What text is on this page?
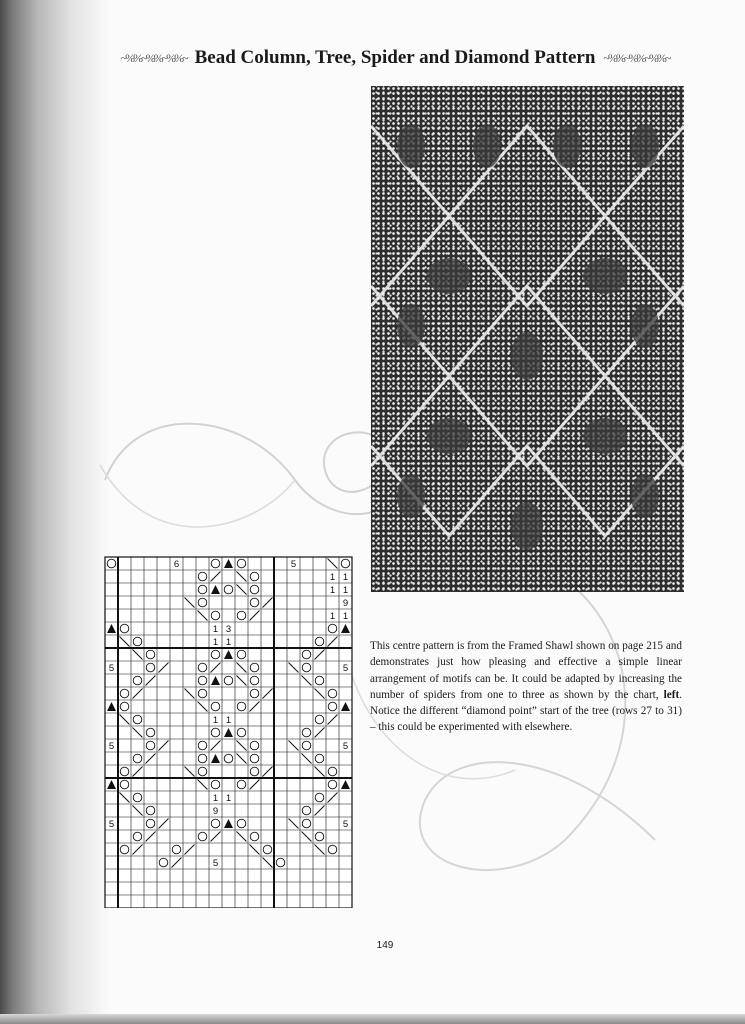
~%%~%%~%%~ Bead Column, Tree, Spider and Diamond Pattern ~%%~%%~%%~
6	5
1 1
1 1
9
1 1
1 3
1 1
5	5
1 1
5	5
1 1
9
5	5
5
This centre pattern is from the Framed Shawl shown on page 215 and demonstrates just how pleasing and effective a simple linear arrangement of motifs can be. It could be adapted by increasing the number of spiders from one to three as shown by the chart, left. Notice the different “diamond point” start of the tree (rows 27 to 31) – this could be experimented with elsewhere.
149
